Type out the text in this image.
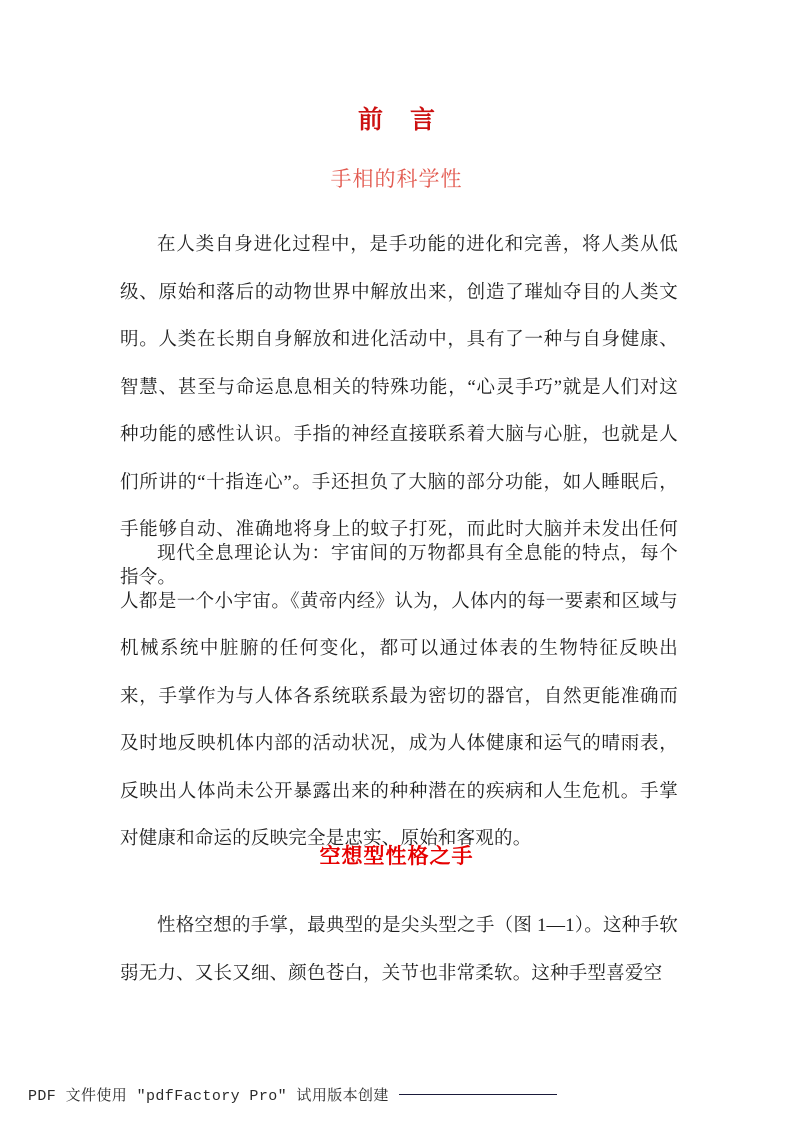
前 言
手相的科学性

在人类自身进化过程中，是手功能的进化和完善，将人类从低级、原始和落后的动物世界中解放出来，创造了璀灿夺目的人类文明。人类在长期自身解放和进化活动中，具有了一种与自身健康、智慧、甚至与命运息息相关的特殊功能，“心灵手巧”就是人们对这种功能的感性认识。手指的神经直接联系着大脑与心脏，也就是人们所讲的“十指连心”。手还担负了大脑的部分功能，如人睡眠后，手能够自动、准确地将身上的蚊子打死，而此时大脑并未发出任何指令。

现代全息理论认为：宇宙间的万物都具有全息能的特点，每个人都是一个小宇宙。《黄帝内经》认为，人体内的每一要素和区域与机械系统中脏腑的任何变化，都可以通过体表的生物特征反映出来，手掌作为与人体各系统联系最为密切的器官，自然更能准确而及时地反映机体内部的活动状况，成为人体健康和运气的晴雨表，反映出人体尚未公开暴露出来的种种潜在的疾病和人生危机。手掌对健康和命运的反映完全是忠实、原始和客观的。

空想型性格之手

性格空想的手掌，最典型的是尖头型之手（图 1—1）。这种手软弱无力、又长又细、颜色苍白，关节也非常柔软。这种手型喜爱空

PDF 文件使用 "pdfFactory Pro" 试用版本创建
